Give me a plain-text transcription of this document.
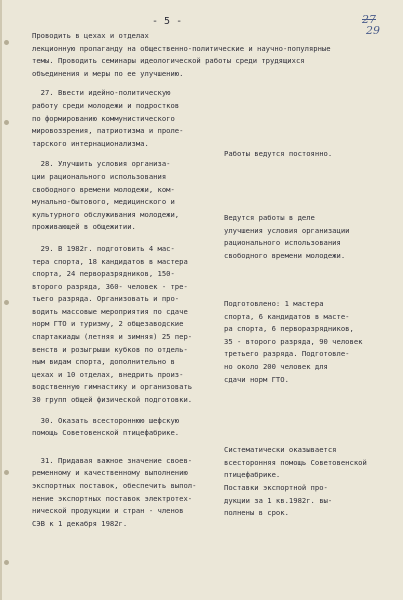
- 5 -	27
29

Проводить в цехах и отделах
лекционную пропаганду на общественно-политические и научно-популярные
темы. Проводить семинары идеологической работы среди трудящихся
объединения и меры по ее улучшению.

27. Ввести идейно-политическую
работу среди молодежи и подростков
по формированию коммунистического
мировоззрения, патриотизма и проле-
тарского интернационализма.

28. Улучшить условия организа-
ции рационального использования
свободного времени молодежи, ком-
мунально-бытового, медицинского и
культурного обслуживания молодежи,
проживающей в общежитии.

29. В 1982г. подготовить 4 мас-
тера спорта, 18 кандидатов в мастера
спорта, 24 перворазрядников, 150-
второго разряда, 360- человек - тре-
тьего разряда. Организовать и про-
водить массовые мероприятия по сдаче
норм ГТО и туризму, 2 общезаводские
спартакиады (летняя и зимняя) 25 пер-
венств и розыгрыши кубков по отдель-
ным видам спорта, дополнительно в
цехах и 10 отделах, внедрить произ-
водственную гимнастику и организовать
30 групп общей физической подготовки.

30. Оказать всестороннюю шефскую
помощь Советовенской птицефабрике.

31. Придавая важное значение своев-
ременному и качественному выполнению
экспортных поставок, обеспечить выпол-
нение экспортных поставок электротех-
нической продукции и стран - членов
СЭВ к 1 декабря 1982г.

Работы ведутся постоянно.

Ведутся работы в деле
улучшения условия организации
рационального использования
свободного времени молодежи.

Подготовлено: 1 мастера
спорта, 6 кандидатов в масте-
ра спорта, 6 перворазрядников,
35 - второго разряда, 90 человек
третьего разряда. Подготовле-
но около 200 человек для
сдачи норм ГТО.

Систематически оказывается
всесторонняя помощь Советовенской птицефабрике.

Поставки экспортной про-
дукции за 1 кв.1982г. вы-
полнены в срок.
